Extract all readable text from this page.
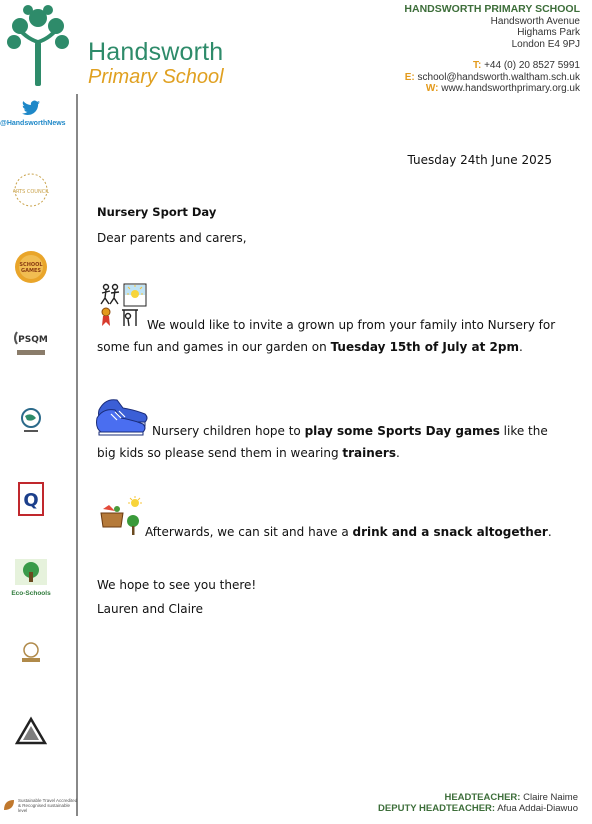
Handsworth
Primary School
HANDSWORTH PRIMARY SCHOOL
Handsworth Avenue
Highams Park
London E4 9PJ
T: +44 (0) 20 8527 5991
E: school@handsworth.waltham.sch.uk
W: www.handsworthprimary.org.uk
@HandsworthNews
ARTS COUNCIL
SCHOOL
GAMES
PSQM
Q
Eco-Schools
Sustainable Travel Accredited & Recognised sustainable level
Tuesday 24th June 2025
Nursery Sport Day
Dear parents and carers,
We would like to invite a grown up from your family into Nursery for some fun and games in our garden on Tuesday 15th of July at 2pm.
Nursery children hope to play some Sports Day games like the big kids so please send them in wearing trainers.
Afterwards, we can sit and have a drink and a snack altogether.
We hope to see you there!
Lauren and Claire
HEADTEACHER: Claire Naime
DEPUTY HEADTEACHER: Afua Addai-Diawuo
